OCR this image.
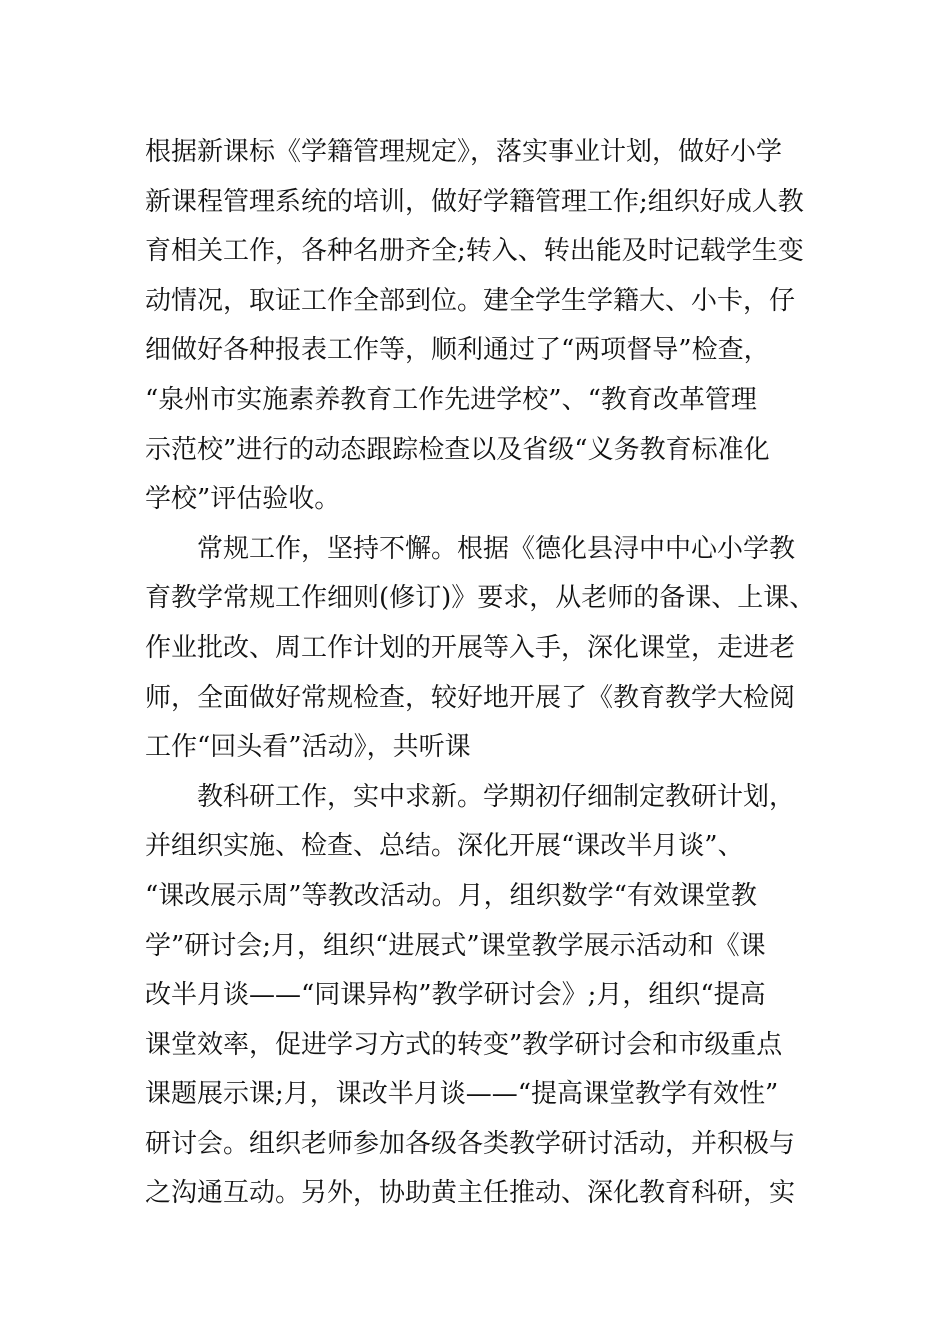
根据新课标《学籍管理规定》，落实事业计划，做好小学
新课程管理系统的培训，做好学籍管理工作;组织好成人教
育相关工作，各种名册齐全;转入、转出能及时记载学生变
动情况，取证工作全部到位。建全学生学籍大、小卡，仔
细做好各种报表工作等，顺利通过了“两项督导”检查，
“泉州市实施素养教育工作先进学校”、“教育改革管理
示范校”进行的动态跟踪检查以及省级“义务教育标准化
学校”评估验收。
常规工作，坚持不懈。根据《德化县浔中中心小学教
育教学常规工作细则(修订)》要求，从老师的备课、上课、
作业批改、周工作计划的开展等入手，深化课堂，走进老
师，全面做好常规检查，较好地开展了《教育教学大检阅
工作“回头看”活动》，共听课
教科研工作，实中求新。学期初仔细制定教研计划，
并组织实施、检查、总结。深化开展“课改半月谈”、
“课改展示周”等教改活动。月，组织数学“有效课堂教
学”研讨会;月，组织“进展式”课堂教学展示活动和《课
改半月谈——“同课异构”教学研讨会》;月，组织“提高
课堂效率，促进学习方式的转变”教学研讨会和市级重点
课题展示课;月，课改半月谈——“提高课堂教学有效性”
研讨会。组织老师参加各级各类教学研讨活动，并积极与
之沟通互动。另外，协助黄主任推动、深化教育科研，实
